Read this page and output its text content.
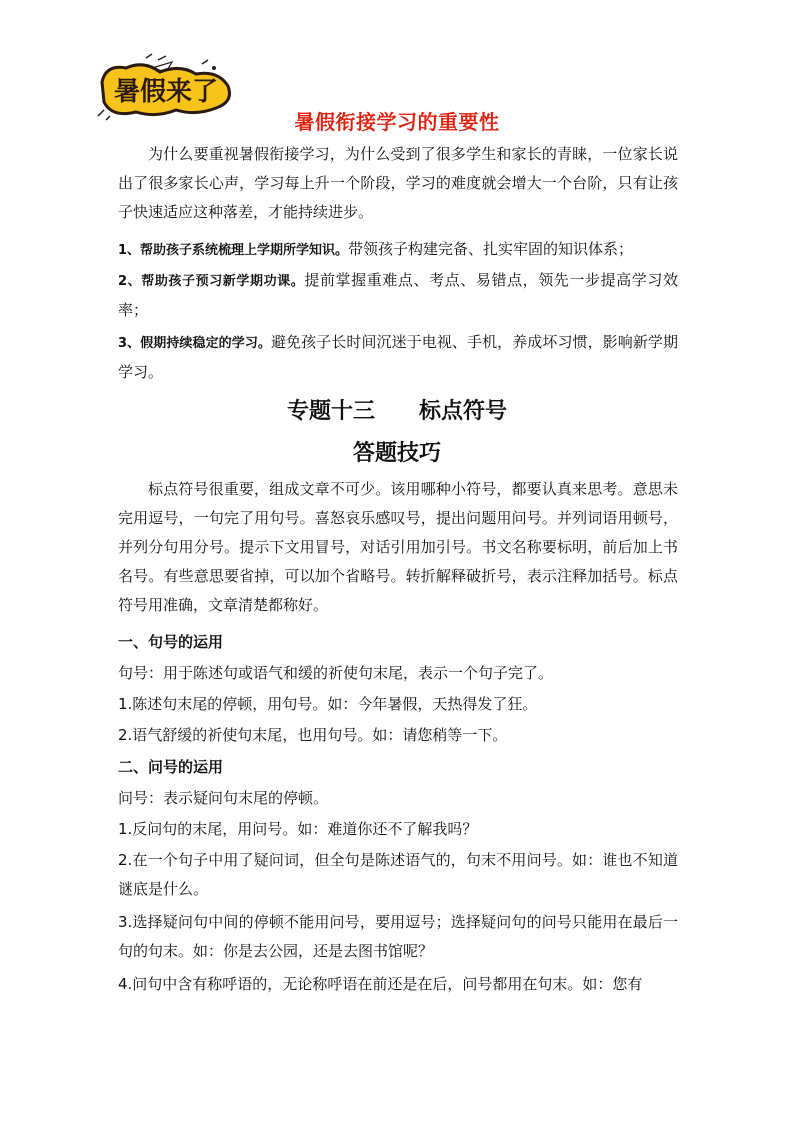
暑假来了
暑假衔接学习的重要性
为什么要重视暑假衔接学习，为什么受到了很多学生和家长的青睐，一位家长说出了很多家长心声，学习每上升一个阶段，学习的难度就会增大一个台阶，只有让孩子快速适应这种落差，才能持续进步。
1、帮助孩子系统梳理上学期所学知识。带领孩子构建完备、扎实牢固的知识体系；
2、帮助孩子预习新学期功课。提前掌握重难点、考点、易错点，领先一步提高学习效率；
3、假期持续稳定的学习。避免孩子长时间沉迷于电视、手机，养成坏习惯，影响新学期学习。
专题十三　　标点符号
答题技巧
标点符号很重要，组成文章不可少。该用哪种小符号，都要认真来思考。意思未完用逗号，一句完了用句号。喜怒哀乐感叹号，提出问题用问号。并列词语用顿号，并列分句用分号。提示下文用冒号，对话引用加引号。书文名称要标明，前后加上书名号。有些意思要省掉，可以加个省略号。转折解释破折号，表示注释加括号。标点符号用准确，文章清楚都称好。
一、句号的运用
句号：用于陈述句或语气和缓的祈使句末尾，表示一个句子完了。
1.陈述句末尾的停顿，用句号。如：今年暑假，天热得发了狂。
2.语气舒缓的祈使句末尾，也用句号。如：请您稍等一下。
二、问号的运用
问号：表示疑问句末尾的停顿。
1.反问句的末尾，用问号。如：难道你还不了解我吗？
2.在一个句子中用了疑问词，但全句是陈述语气的，句末不用问号。如：谁也不知道谜底是什么。
3.选择疑问句中间的停顿不能用问号，要用逗号；选择疑问句的问号只能用在最后一句的句末。如：你是去公园，还是去图书馆呢？
4.问句中含有称呼语的，无论称呼语在前还是在后，问号都用在句末。如：您有
